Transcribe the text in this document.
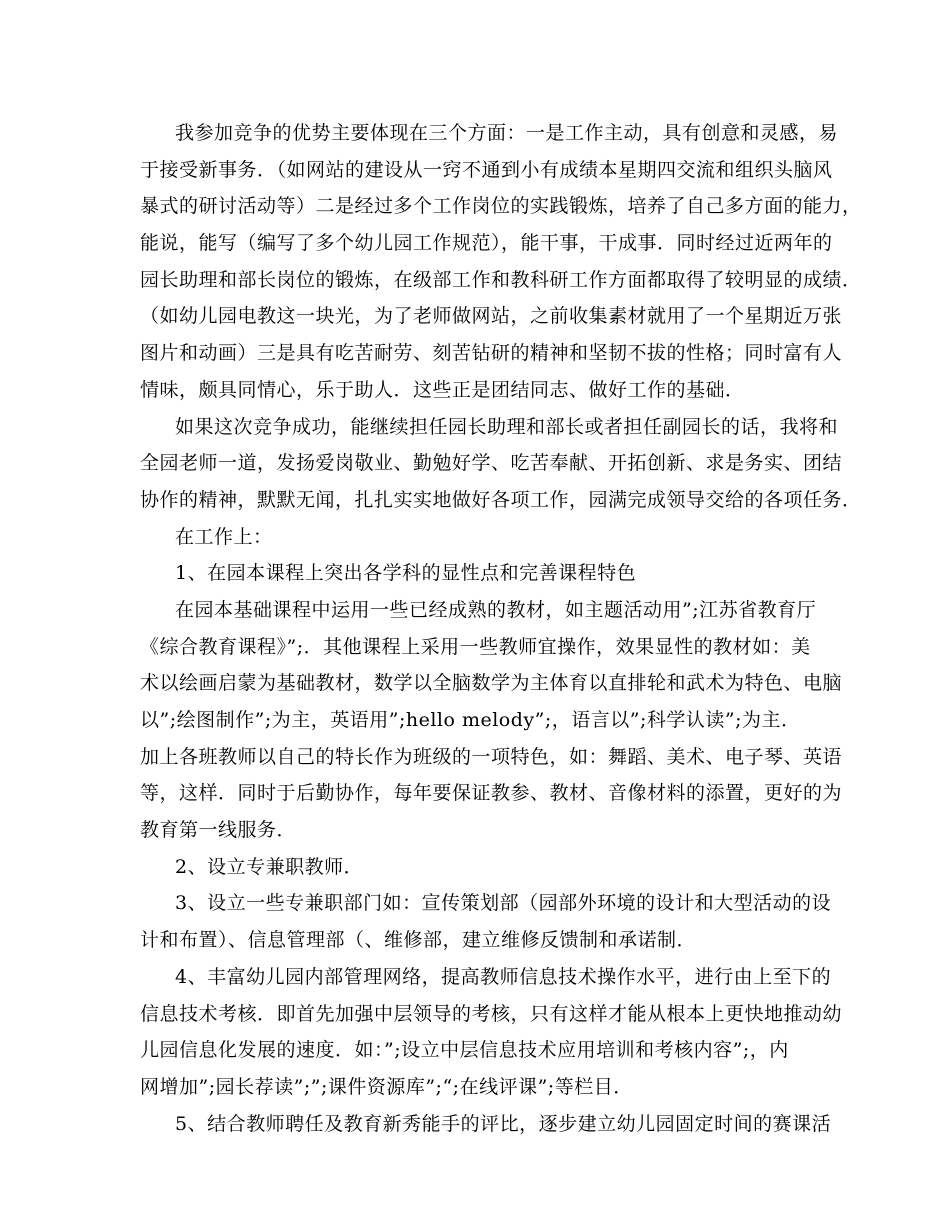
我参加竞争的优势主要体现在三个方面：一是工作主动，具有创意和灵感，易
于接受新事务．（如网站的建设从一窍不通到小有成绩本星期四交流和组织头脑风
暴式的研讨活动等）二是经过多个工作岗位的实践锻炼，培养了自己多方面的能力，
能说，能写（编写了多个幼儿园工作规范），能干事，干成事．同时经过近两年的
园长助理和部长岗位的锻炼，在级部工作和教科研工作方面都取得了较明显的成绩．
（如幼儿园电教这一块光，为了老师做网站，之前收集素材就用了一个星期近万张
图片和动画）三是具有吃苦耐劳、刻苦钻研的精神和坚韧不拔的性格；同时富有人
情味，颇具同情心，乐于助人．这些正是团结同志、做好工作的基础．
如果这次竞争成功，能继续担任园长助理和部长或者担任副园长的话，我将和
全园老师一道，发扬爱岗敬业、勤勉好学、吃苦奉献、开拓创新、求是务实、团结
协作的精神，默默无闻，扎扎实实地做好各项工作，园满完成领导交给的各项任务．
在工作上：
1、在园本课程上突出各学科的显性点和完善课程特色
在园本基础课程中运用一些已经成熟的教材，如主题活动用”;江苏省教育厅
《综合教育课程》”;．其他课程上采用一些教师宜操作，效果显性的教材如：美
术以绘画启蒙为基础教材，数学以全脑数学为主体育以直排轮和武术为特色、电脑
以”;绘图制作”;为主，英语用”;hello melody”;，语言以”;科学认读”;为主．
加上各班教师以自己的特长作为班级的一项特色，如：舞蹈、美术、电子琴、英语
等，这样．同时于后勤协作，每年要保证教参、教材、音像材料的添置，更好的为
教育第一线服务．
2、设立专兼职教师．
3、设立一些专兼职部门如：宣传策划部（园部外环境的设计和大型活动的设
计和布置）、信息管理部（、维修部，建立维修反馈制和承诺制．
4、丰富幼儿园内部管理网络，提高教师信息技术操作水平，进行由上至下的
信息技术考核．即首先加强中层领导的考核，只有这样才能从根本上更快地推动幼
儿园信息化发展的速度．如：”;设立中层信息技术应用培训和考核内容”;，内
网增加”;园长荐读”;”;课件资源库”;“;在线评课”;等栏目．
5、结合教师聘任及教育新秀能手的评比，逐步建立幼儿园固定时间的赛课活
